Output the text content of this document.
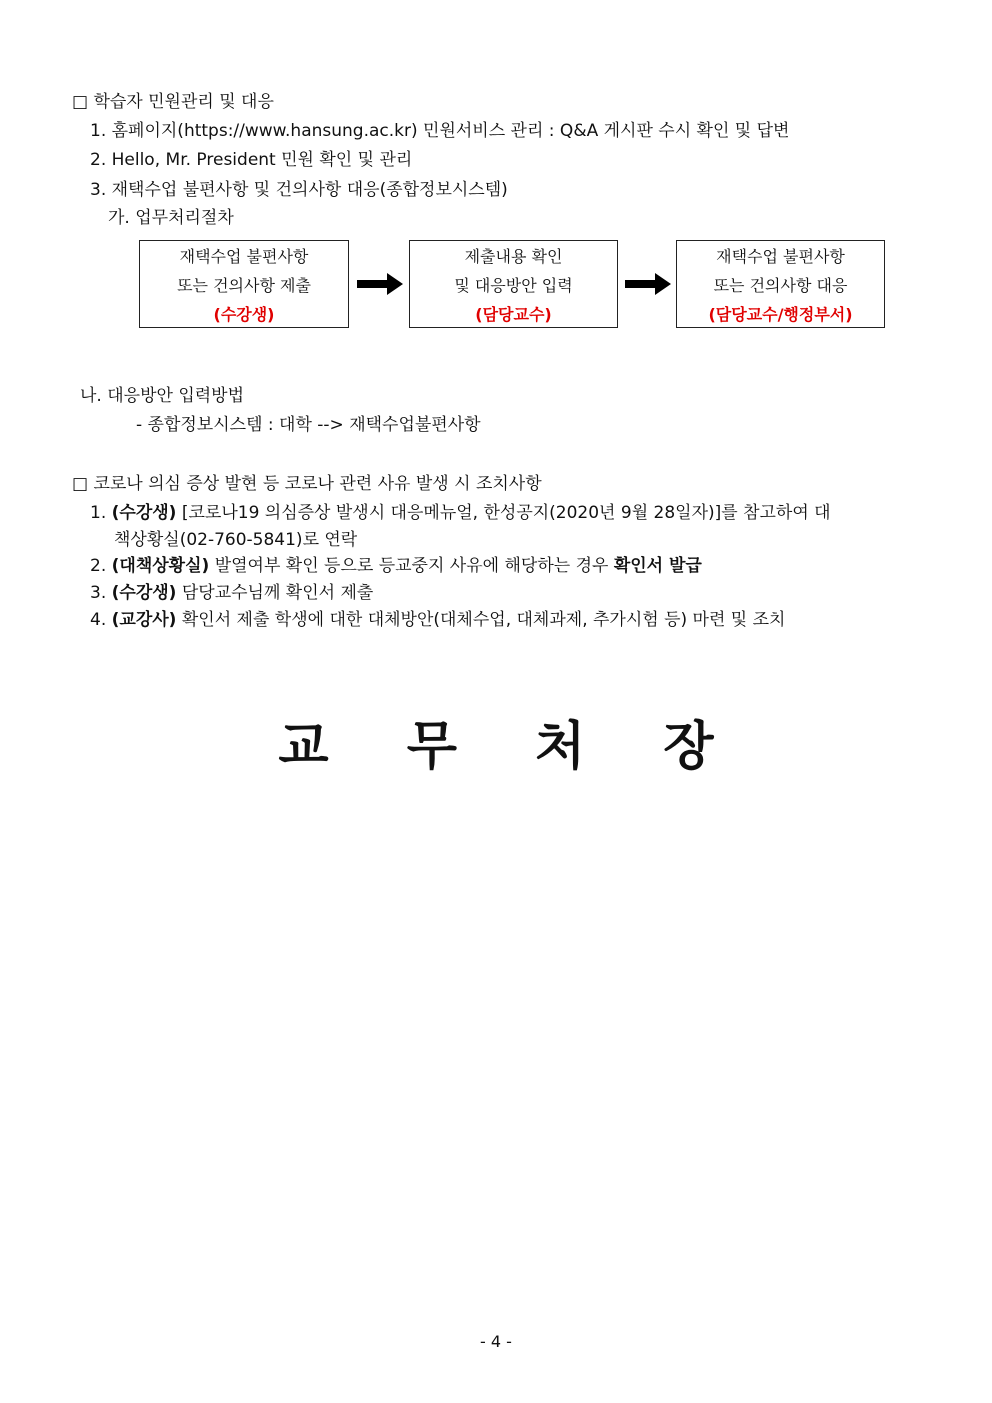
□ 학습자 민원관리 및 대응
1. 홈페이지(https://www.hansung.ac.kr) 민원서비스 관리 : Q&A 게시판 수시 확인 및 답변
2. Hello, Mr. President 민원 확인 및 관리
3. 재택수업 불편사항 및 건의사항 대응(종합정보시스템)
가. 업무처리절차
재택수업 불편사항
또는 건의사항 제출
(수강생)
제출내용 확인
및 대응방안 입력
(담당교수)
재택수업 불편사항
또는 건의사항 대응
(담당교수/행정부서)
나. 대응방안 입력방법
- 종합정보시스템 : 대학 --> 재택수업불편사항
□ 코로나 의심 증상 발현 등 코로나 관련 사유 발생 시 조치사항
1. (수강생) [코로나19 의심증상 발생시 대응메뉴얼, 한성공지(2020년 9월 28일자)]를 참고하여 대
책상황실(02-760-5841)로 연락
2. (대책상황실) 발열여부 확인 등으로 등교중지 사유에 해당하는 경우 확인서 발급
3. (수강생) 담당교수님께 확인서 제출
4. (교강사) 확인서 제출 학생에 대한 대체방안(대체수업, 대체과제, 추가시험 등) 마련 및 조치
교 무 처 장
- 4 -
